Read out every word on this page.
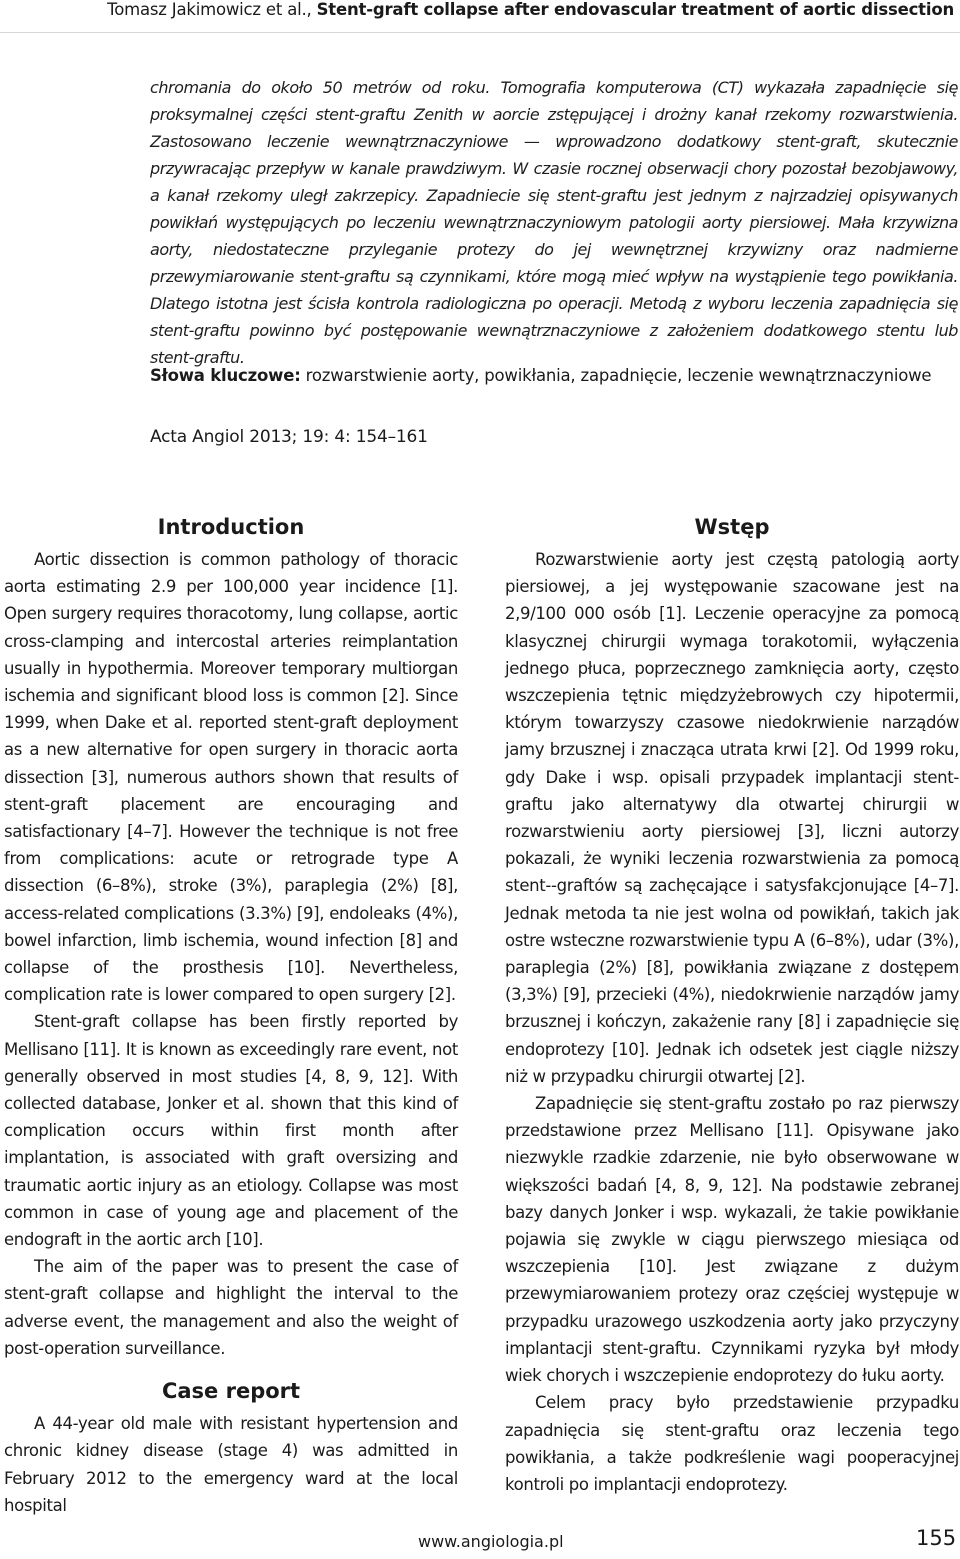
Tomasz Jakimowicz et al., Stent-graft collapse after endovascular treatment of aortic dissection
chromania do około 50 metrów od roku. Tomografia komputerowa (CT) wykazała zapadnięcie się proksymalnej części stent-graftu Zenith w aorcie zstępującej i drożny kanał rzekomy rozwarstwienia. Zastosowano leczenie wewnątrznaczyniowe — wprowadzono dodatkowy stent-graft, skutecznie przywracając przepływ w kanale prawdziwym. W czasie rocznej obserwacji chory pozostał bezobjawowy, a kanał rzekomy uległ zakrzepicy. Zapadniecie się stent-graftu jest jednym z najrzadziej opisywanych powikłań występujących po leczeniu wewnątrznaczyniowym patologii aorty piersiowej. Mała krzywizna aorty, niedostateczne przyleganie protezy do jej wewnętrznej krzywizny oraz nadmierne przewymiarowanie stent-graftu są czynnikami, które mogą mieć wpływ na wystąpienie tego powikłania. Dlatego istotna jest ścisła kontrola radiologiczna po operacji. Metodą z wyboru leczenia zapadnięcia się stent-graftu powinno być postępowanie wewnątrznaczyniowe z założeniem dodatkowego stentu lub stent-graftu.
Słowa kluczowe: rozwarstwienie aorty, powikłania, zapadnięcie, leczenie wewnątrznaczyniowe
Acta Angiol 2013; 19: 4: 154–161
Introduction

Aortic dissection is common pathology of thoracic aorta estimating 2.9 per 100,000 year incidence [1]. Open surgery requires thoracotomy, lung collapse, aortic cross-clamping and intercostal arteries reimplantation usually in hypothermia. Moreover temporary multiorgan ischemia and significant blood loss is common [2]. Since 1999, when Dake et al. reported stent-graft deployment as a new alternative for open surgery in thoracic aorta dissection [3], numerous authors shown that results of stent-graft placement are encouraging and satisfactionary [4–7]. However the technique is not free from complications: acute or retrograde type A dissection (6–8%), stroke (3%), paraplegia (2%) [8], access-related complications (3.3%) [9], endoleaks (4%), bowel infarction, limb ischemia, wound infection [8] and collapse of the prosthesis [10]. Nevertheless, complication rate is lower compared to open surgery [2].

Stent-graft collapse has been firstly reported by Mellisano [11]. It is known as exceedingly rare event, not generally observed in most studies [4, 8, 9, 12]. With collected database, Jonker et al. shown that this kind of complication occurs within first month after implantation, is associated with graft oversizing and traumatic aortic injury as an etiology. Collapse was most common in case of young age and placement of the endograft in the aortic arch [10].

The aim of the paper was to present the case of stent-graft collapse and highlight the interval to the adverse event, the management and also the weight of post-operation surveillance.

Case report

A 44-year old male with resistant hypertension and chronic kidney disease (stage 4) was admitted in February 2012 to the emergency ward at the local hospital

Wstęp

Rozwarstwienie aorty jest częstą patologią aorty piersiowej, a jej występowanie szacowane jest na 2,9/100 000 osób [1]. Leczenie operacyjne za pomocą klasycznej chirurgii wymaga torakotomii, wyłączenia jednego płuca, poprzecznego zamknięcia aorty, często wszczepienia tętnic międzyżebrowych czy hipotermii, którym towarzyszy czasowe niedokrwienie narządów jamy brzusznej i znacząca utrata krwi [2]. Od 1999 roku, gdy Dake i wsp. opisali przypadek implantacji stent-graftu jako alternatywy dla otwartej chirurgii w rozwarstwieniu aorty piersiowej [3], liczni autorzy pokazali, że wyniki leczenia rozwarstwienia za pomocą stent--graftów są zachęcające i satysfakcjonujące [4–7]. Jednak metoda ta nie jest wolna od powikłań, takich jak ostre wsteczne rozwarstwienie typu A (6–8%), udar (3%), paraplegia (2%) [8], powikłania związane z dostępem (3,3%) [9], przecieki (4%), niedokrwienie narządów jamy brzusznej i kończyn, zakażenie rany [8] i zapadnięcie się endoprotezy [10]. Jednak ich odsetek jest ciągle niższy niż w przypadku chirurgii otwartej [2].

Zapadnięcie się stent-graftu zostało po raz pierwszy przedstawione przez Mellisano [11]. Opisywane jako niezwykle rzadkie zdarzenie, nie było obserwowane w większości badań [4, 8, 9, 12]. Na podstawie zebranej bazy danych Jonker i wsp. wykazali, że takie powikłanie pojawia się zwykle w ciągu pierwszego miesiąca od wszczepienia [10]. Jest związane z dużym przewymiarowaniem protezy oraz częściej występuje w przypadku urazowego uszkodzenia aorty jako przyczyny implantacji stent-graftu. Czynnikami ryzyka był młody wiek chorych i wszczepienie endoprotezy do łuku aorty.

Celem pracy było przedstawienie przypadku zapadnięcia się stent-graftu oraz leczenia tego powikłania, a także podkreślenie wagi pooperacyjnej kontroli po implantacji endoprotezy.

www.angiologia.pl	155
